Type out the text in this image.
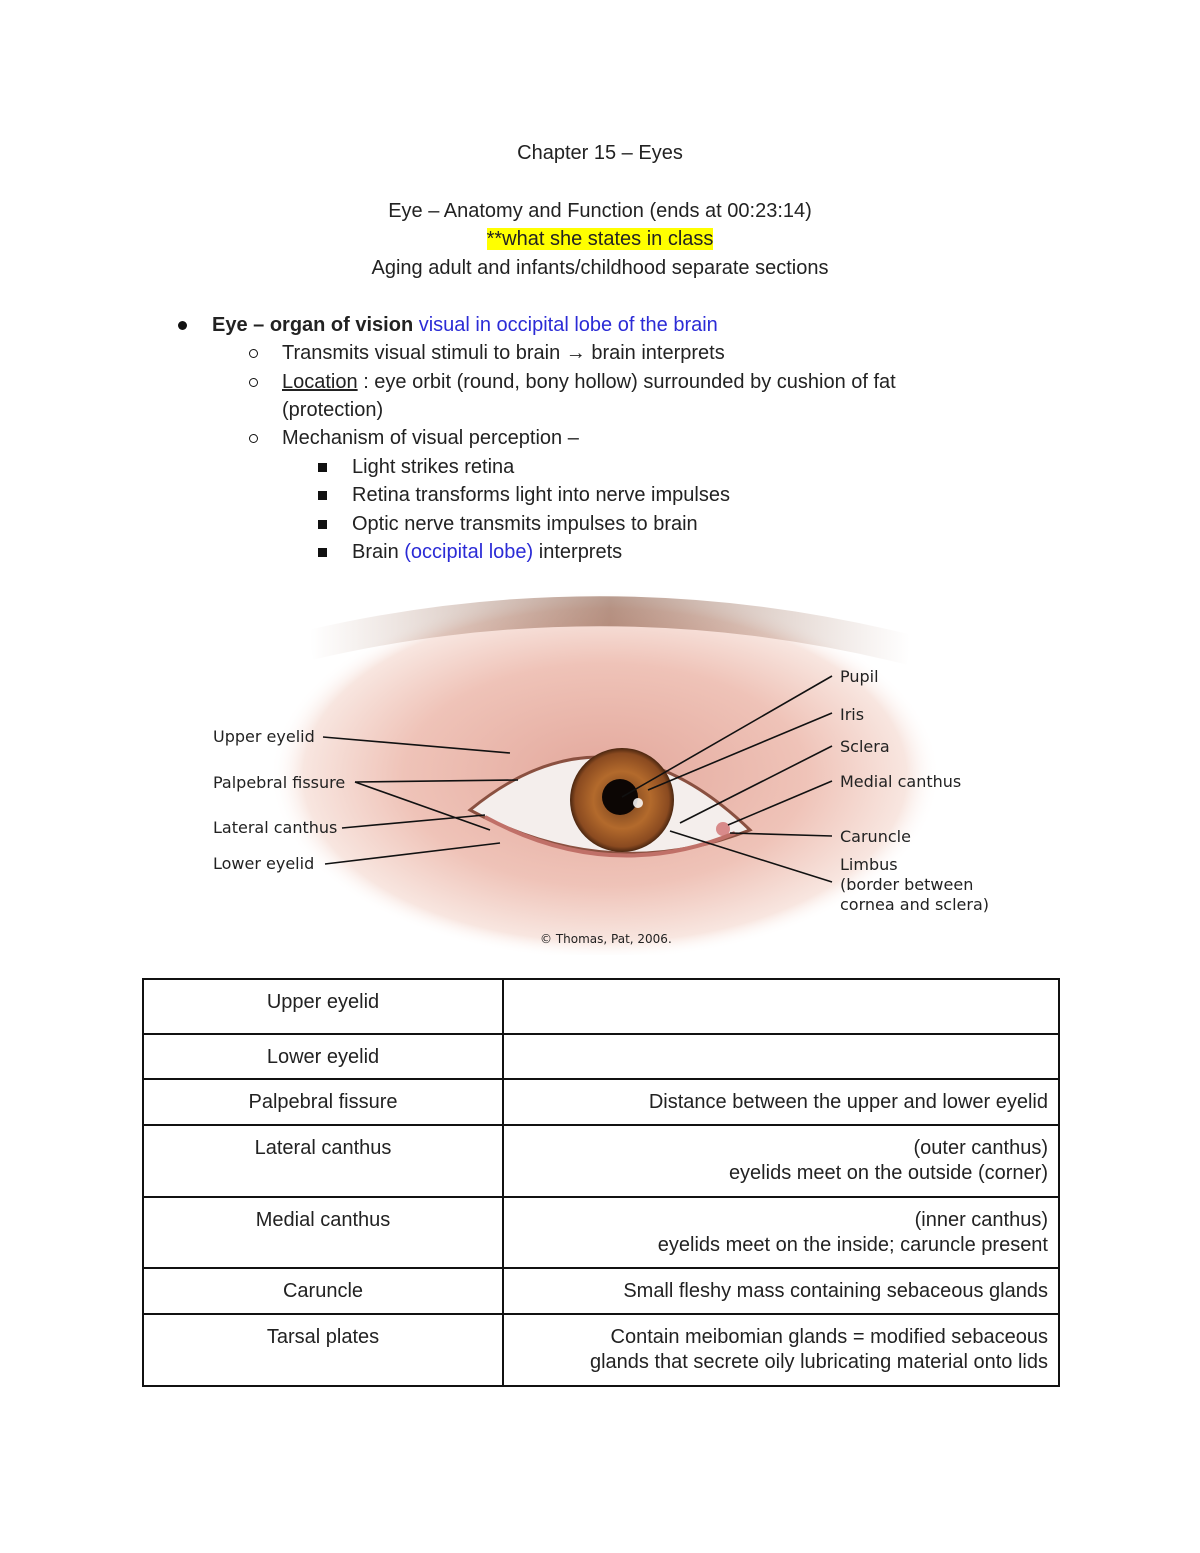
Chapter 15 – Eyes
Eye – Anatomy and Function (ends at 00:23:14)
**what she states in class
Aging adult and infants/childhood separate sections
Eye – organ of vision visual in occipital lobe of the brain
Transmits visual stimuli to brain → brain interprets
Location : eye orbit (round, bony hollow) surrounded by cushion of fat
(protection)
Mechanism of visual perception –
Light strikes retina
Retina transforms light into nerve impulses
Optic nerve transmits impulses to brain
Brain (occipital lobe) interprets
Upper eyelid
Palpebral fissure
Lateral canthus
Lower eyelid
Pupil
Iris
Sclera
Medial canthus
Caruncle
Limbus
(border between
cornea and sclera)
© Thomas, Pat, 2006.
Upper eyelid	
Lower eyelid	
Palpebral fissure	Distance between the upper and lower eyelid
Lateral canthus	(outer canthus)
eyelids meet on the outside (corner)

Medial canthus	(inner canthus)
eyelids meet on the inside; caruncle present

Caruncle	Small fleshy mass containing sebaceous glands
Tarsal plates	Contain meibomian glands = modified sebaceous
glands that secrete oily lubricating material onto lids
